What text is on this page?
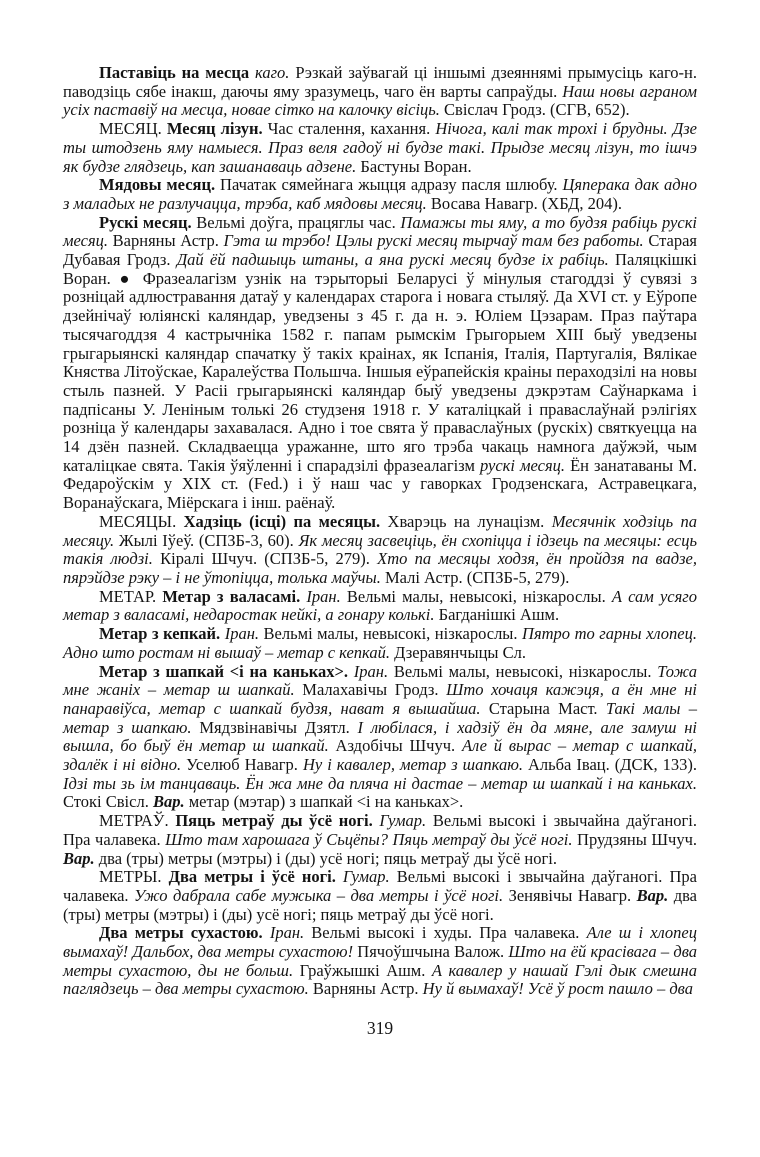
Паставіць на месца каго. Рэзкай заўвагай ці іншымі дзеяннямі прымусіць каго-н. паводзіць сябе інакш, даючы яму зразумець, чаго ён варты сапраўды. Наш новы аграном усіх паставіў на месца, новае сітко на калочку вісіць. Свіслач Гродз. (СГВ, 652).

МЕСЯЦ. Месяц лізун. Час сталення, кахання. Нічога, калі так трохі і брудны. Дзе ты штодзень яму намыеся. Праз веля гадоў ні будзе такі. Прыдзе месяц лізун, то ішчэ як будзе глядзець, кап зашанаваць адзене. Бастуны Воран.

Мядовы месяц. Пачатак сямейнага жыцця адразу пасля шлюбу. Цяперака дак адно з маладых не разлучацца, трэба, каб мядовы месяц. Восава Навагр. (ХБД, 204).

Рускі месяц. Вельмі доўга, працяглы час. Памажы ты яму, а то будзя рабіць рускі месяц. Варняны Астр. Гэта ш трэбо! Цэлы рускі месяц тырчаў там без работы. Старая Дубавая Гродз. Дай ёй падшыць штаны, а яна рускі месяц будзе іх рабіць. Паляцкішкі Воран. ● Фразеалагізм узнік на тэрыторыі Беларусі ў мінулыя стагоддзі ў сувязі з розніцай адлюстравання датаў у календарах старога і новага стыляў. Да XVI ст. у Еўропе дзейнічаў юліянскі каляндар, уведзены з 45 г. да н. э. Юліем Цэзарам. Праз паўтара тысячагоддзя 4 кастрычніка 1582 г. папам рымскім Грыгорыем XIII быў уведзены грыгарыянскі каляндар спачатку ў такіх краінах, як Іспанія, Італія, Партугалія, Вялікае Княства Літоўскае, Каралеўства Польшча. Іншыя еўрапейскія краіны пераходзілі на новы стыль пазней. У Расіі грыгарыянскі каляндар быў уведзены дэкрэтам Саўнаркама і падпісаны У. Леніным толькі 26 студзеня 1918 г. У каталіцкай і праваслаўнай рэлігіях розніца ў календары захавалася. Адно і тое свята ў праваслаўных (рускіх) святкуецца на 14 дзён пазней. Складваецца уражанне, што яго трэба чакаць намнога даўжэй, чым каталіцкае свята. Такія ўяўленні і спарадзілі фразеалагізм рускі месяц. Ён занатаваны М. Федароўскім у XIX ст. (Fed.) і ў наш час у гаворках Гродзенскага, Астравецкага, Воранаўскага, Міёрскага і інш. раёнаў.

МЕСЯЦЫ. Хадзіць (ісці) па месяцы. Хварэць на лунацізм. Месячнік ходзіць па месяцу. Жылі Іўеў. (СПЗБ-3, 60). Як месяц засвеціць, ён схопіцца і ідзець па месяцы: есць такія людзі. Кіралі Шчуч. (СПЗБ-5, 279). Хто па месяцы ходзя, ён пройдзя па вадзе, пярэйдзе рэку – і не ўтопіцца, толька маўчы. Малі Астр. (СПЗБ-5, 279).

МЕТАР. Метар з валасамі. Іран. Вельмі малы, невысокі, нізкарослы. А сам усяго метар з валасамі, недаростак нейкі, а гонару колькі. Багданішкі Ашм.

Метар з кепкай. Іран. Вельмі малы, невысокі, нізкарослы. Пятро то гарны хлопец. Адно што ростам ні вышаў – метар с кепкай. Дзеравянчыцы Сл.

Метар з шапкай <і на каньках>. Іран. Вельмі малы, невысокі, нізкарослы. Тожа мне жаніх – метар ш шапкай. Малахавічы Гродз. Што хочаця кажэця, а ён мне ні панаравіўса, метар с шапкай будзя, нават я вышайша. Старына Маст. Такі малы – метар з шапкаю. Мядзвінавічы Дзятл. І любілася, і хадзіў ён да мяне, але замуш ні вышла, бо быў ён метар ш шапкай. Аздобічы Шчуч. Але й вырас – метар с шапкай, здалёк і ні відно. Уселюб Навагр. Ну і кавалер, метар з шапкаю. Альба Івац. (ДСК, 133). Ідзі ты зь ім танцаваць. Ён жа мне да пляча ні дастае – метар ш шапкай і на каньках. Стокі Свісл. Вар. метар (мэтар) з шапкай <і на каньках>.

МЕТРАЎ. Пяць метраў ды ўсё ногі. Гумар. Вельмі высокі і звычайна даўганогі. Пра чалавека. Што там харошага ў Сьцёпы? Пяць метраў ды ўсё ногі. Прудзяны Шчуч. Вар. два (тры) метры (мэтры) і (ды) усё ногі; пяць метраў ды ўсё ногі.

МЕТРЫ. Два метры і ўсё ногі. Гумар. Вельмі высокі і звычайна даўганогі. Пра чалавека. Ужо дабрала сабе мужыка – два метры і ўсё ногі. Зенявічы Навагр. Вар. два (тры) метры (мэтры) і (ды) усё ногі; пяць метраў ды ўсё ногі.

Два метры сухастою. Іран. Вельмі высокі і худы. Пра чалавека. Але ш і хлопец вымахаў! Дальбох, два метры сухастою! Пячоўшчына Валож. Што на ёй красівага – два метры сухастою, ды не больш. Граўжышкі Ашм. А кавалер у нашай Гэлі дык смешна паглядзець – два метры сухастою. Варняны Астр. Ну й вымахаў! Усё ў рост пашло – два

319
